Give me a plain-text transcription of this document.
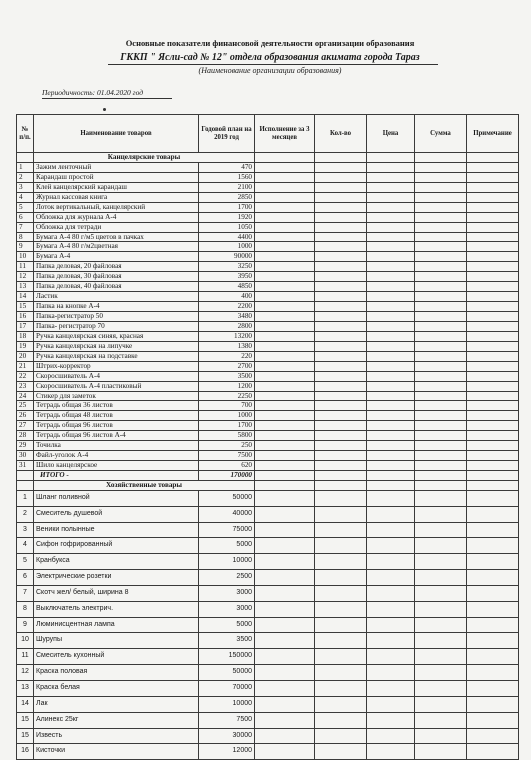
Основные показатели финансовой деятельности организации образования
ГККП " Ясли-сад № 12" отдела образования акимата города Тараз
(Наименование организации образования)
Периодичность: 01.04.2020 год
№ п/п.	Наименование товаров	Годовой план на 2019 год	Исполнение за 3 месяцев	Кол-во	Цена	Сумма	Примечание
	Канцелярские товары						
1	Зажим ленточный	470					
2	Карандаш простой	1560					
3	Клей канцелярский карандаш	2100					
4	Журнал кассовая книга	2850					
5	Лоток вертикальный, канцелярский	1700					
6	Обложка для журнала А-4	1920					
7	Обложка для тетради	1050					
8	Бумага А-4 80 г/м5 цветов в пачках	4400					
9	Бумага А-4 80 г/м2цветная	1000					
10	Бумага А-4	90000					
11	Папка деловая, 20 файловая	3250					
12	Папка деловая, 30 файловая	3950					
13	Папка деловая, 40 файловая	4850					
14	Ластик	400					
15	Папка на кнопке А-4	2200					
16	Папка-регистратор 50	3480					
17	Папка- регистратор 70	2800					
18	Ручка канцелярская синяя, красная	13200					
19	Ручка канцелярская на липучке	1380					
20	Ручка канцелярская на подставке	220					
21	Штрих-корректор	2700					
22	Скоросшиватель А-4	3500					
23	Скоросшиватель А-4 пластиковый	1200					
24	Стикер для заметок	2250					
25	Тетрадь общая 36 листов	700					
26	Тетрадь общая 48 листов	1000					
27	Тетрадь общая 96 листов	1700					
28	Тетрадь общая 96 листов А-4	5800					
29	Точилка	250					
30	Файл-уголок А-4	7500					
31	Шило канцелярское	620					
	ИТОГО -	170000					
	Хозяйственные товары						
1	Шланг поливной	50000					
2	Смеситель душевой	40000					
3	Веники полынные	75000					
4	Сифон гофрированный	5000					
5	Кранбукса	10000					
6	Электрические розетки	2500					
7	Скотч жел/ белый, ширина 8	3000					
8	Выключатель электрич.	3000					
9	Люминисцентная лампа	5000					
10	Шурупы	3500					
11	Смеситель кухонный	150000					
12	Краска половая	50000					
13	Краска белая	70000					
14	Лак	10000					
15	Алинекс 25кг	7500					
15	Известь	30000					
16	Кисточки	12000					
